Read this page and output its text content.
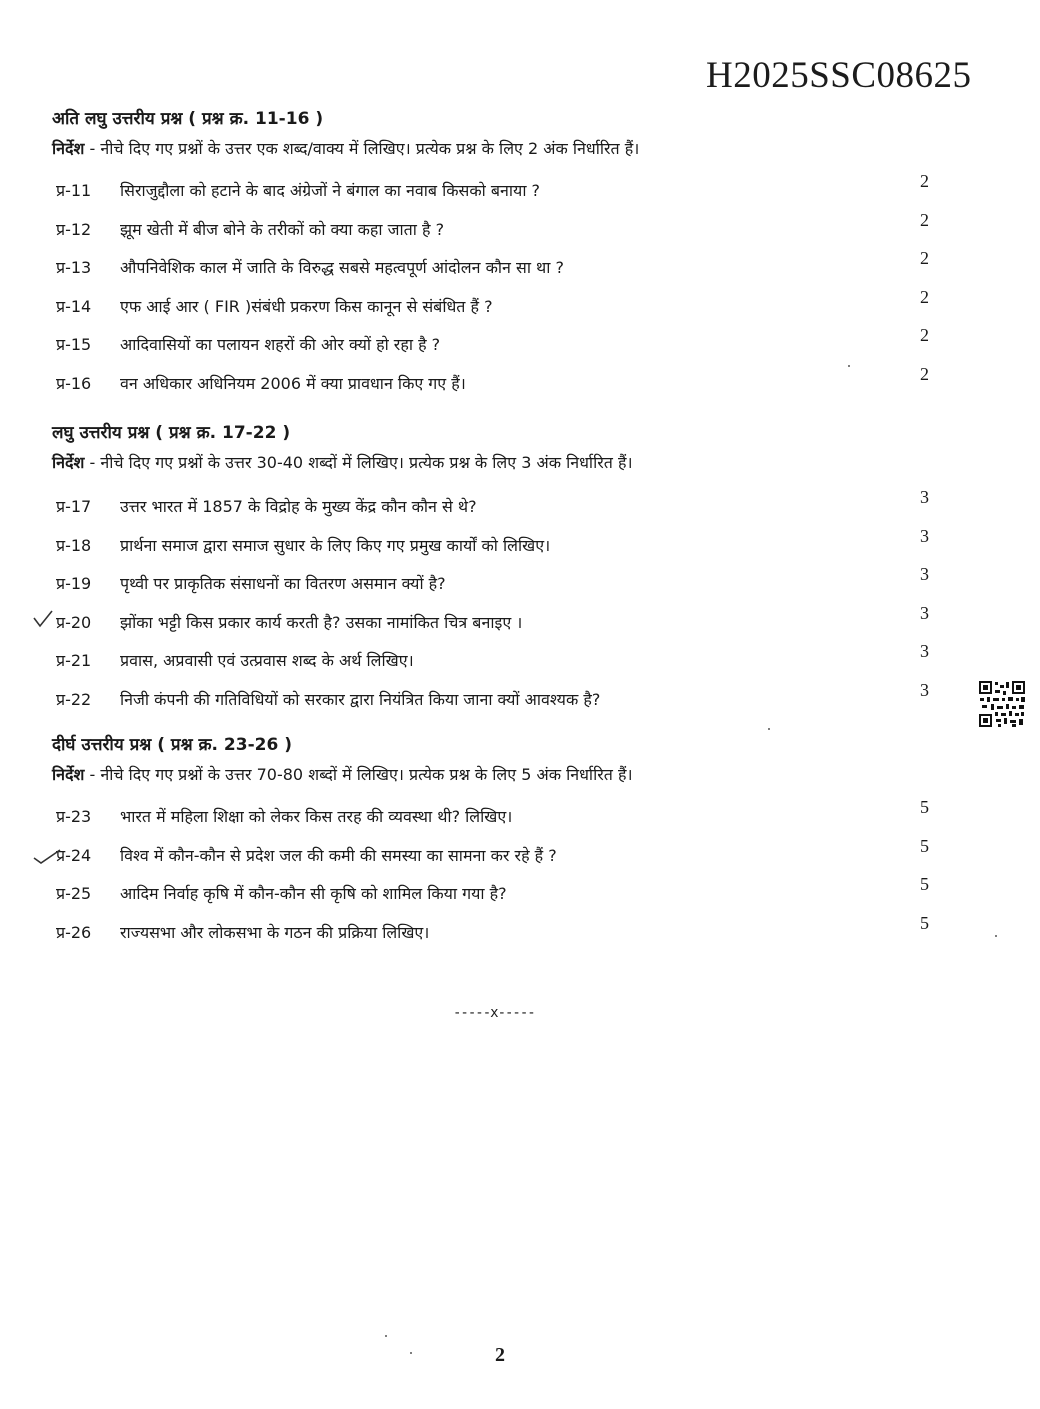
H2025SSC08625
अति लघु उत्तरीय प्रश्न ( प्रश्न क्र. 11-16 )
निर्देश - नीचे दिए गए प्रश्नों के उत्तर एक शब्द/वाक्य में लिखिए। प्रत्येक प्रश्न के लिए 2 अंक निर्धारित हैं।
प्र-11 सिराजुद्दौला को हटाने के बाद अंग्रेजों ने बंगाल का नवाब किसको बनाया ?	2
प्र-12 झूम खेती में बीज बोने के तरीकों को क्या कहा जाता है ?	2
प्र-13 औपनिवेशिक काल में जाति के विरुद्ध सबसे महत्वपूर्ण आंदोलन कौन सा था ?	2
प्र-14 एफ आई आर ( FIR )संबंधी प्रकरण किस कानून से संबंधित हैं ?	2
प्र-15 आदिवासियों का पलायन शहरों की ओर क्यों हो रहा है ?	2
प्र-16 वन अधिकार अधिनियम 2006 में क्या प्रावधान किए गए हैं।	2
लघु उत्तरीय प्रश्न ( प्रश्न क्र. 17-22 )
निर्देश - नीचे दिए गए प्रश्नों के उत्तर 30-40 शब्दों में लिखिए। प्रत्येक प्रश्न के लिए 3 अंक निर्धारित हैं।
प्र-17 उत्तर भारत में 1857 के विद्रोह के मुख्य केंद्र कौन कौन से थे?	3
प्र-18 प्रार्थना समाज द्वारा समाज सुधार के लिए किए गए प्रमुख कार्यों को लिखिए।	3
प्र-19 पृथ्वी पर प्राकृतिक संसाधनों का वितरण असमान क्यों है?	3
प्र-20 झोंका भट्टी किस प्रकार कार्य करती है? उसका नामांकित चित्र बनाइए ।	3
प्र-21 प्रवास, अप्रवासी एवं उत्प्रवास शब्द के अर्थ लिखिए।	3
प्र-22 निजी कंपनी की गतिविधियों को सरकार द्वारा नियंत्रित किया जाना क्यों आवश्यक है?	3
दीर्घ उत्तरीय प्रश्न ( प्रश्न क्र. 23-26 )
निर्देश - नीचे दिए गए प्रश्नों के उत्तर 70-80 शब्दों में लिखिए। प्रत्येक प्रश्न के लिए 5 अंक निर्धारित हैं।
प्र-23 भारत में महिला शिक्षा को लेकर किस तरह की व्यवस्था थी? लिखिए।	5
प्र-24 विश्व में कौन-कौन से प्रदेश जल की कमी की समस्या का सामना कर रहे हैं ?	5
प्र-25 आदिम निर्वाह कृषि में कौन-कौन सी कृषि को शामिल किया गया है?	5
प्र-26 राज्यसभा और लोकसभा के गठन की प्रक्रिया लिखिए।	5
-----x-----
2
